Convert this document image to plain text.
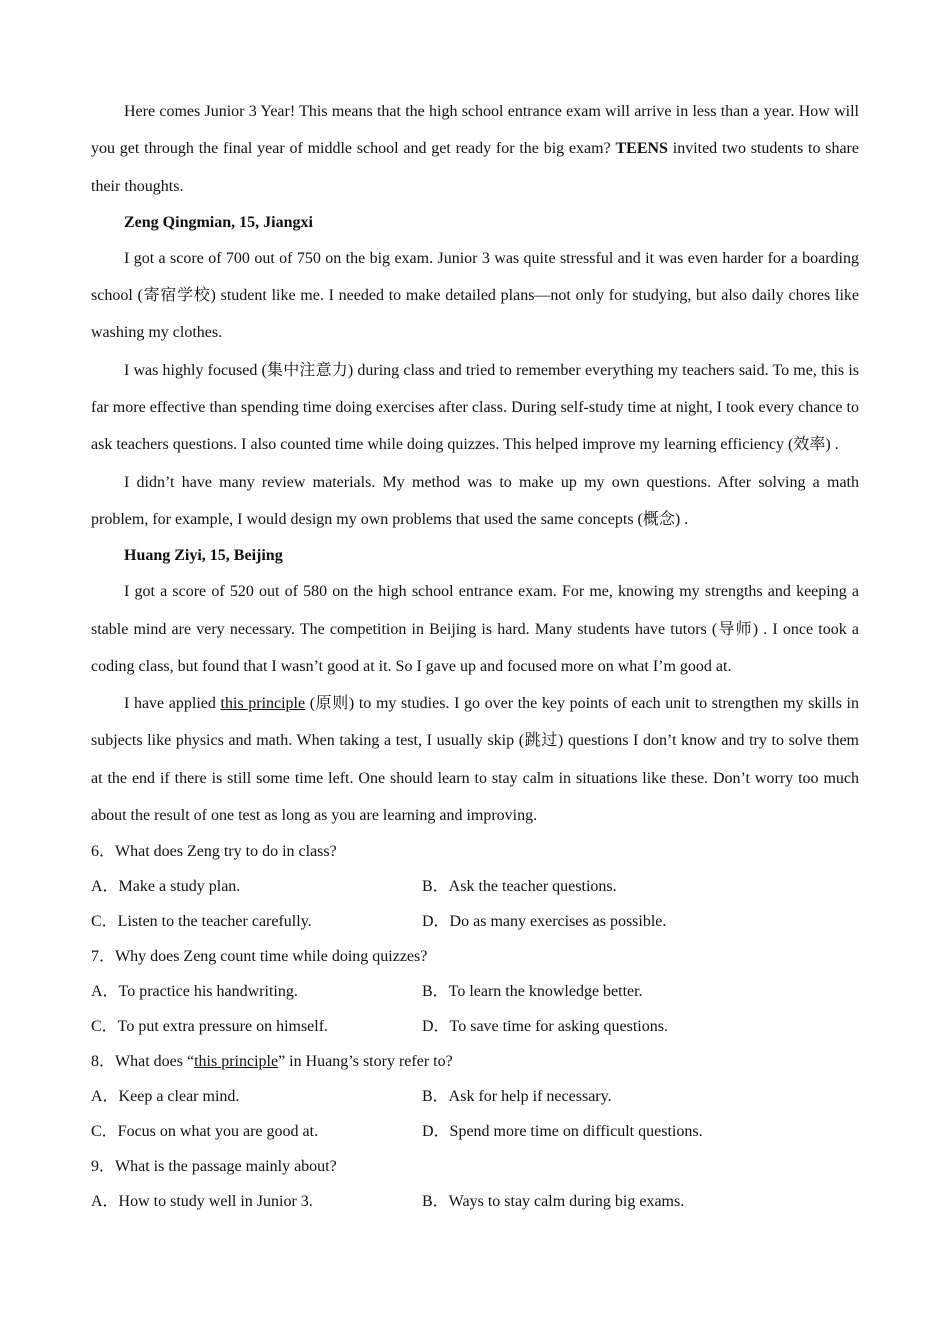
Here comes Junior 3 Year! This means that the high school entrance exam will arrive in less than a year. How will you get through the final year of middle school and get ready for the big exam? TEENS invited two students to share their thoughts.

Zeng Qingmian, 15, Jiangxi

I got a score of 700 out of 750 on the big exam. Junior 3 was quite stressful and it was even harder for a boarding school (寄宿学校) student like me. I needed to make detailed plans—not only for studying, but also daily chores like washing my clothes.

I was highly focused (集中注意力) during class and tried to remember everything my teachers said. To me, this is far more effective than spending time doing exercises after class. During self-study time at night, I took every chance to ask teachers questions. I also counted time while doing quizzes. This helped improve my learning efficiency (效率) .

I didn’t have many review materials. My method was to make up my own questions. After solving a math problem, for example, I would design my own problems that used the same concepts (概念) .

Huang Ziyi, 15, Beijing

I got a score of 520 out of 580 on the high school entrance exam. For me, knowing my strengths and keeping a stable mind are very necessary. The competition in Beijing is hard. Many students have tutors (导师) . I once took a coding class, but found that I wasn’t good at it. So I gave up and focused more on what I’m good at.

I have applied this principle (原则) to my studies. I go over the key points of each unit to strengthen my skills in subjects like physics and math. When taking a test, I usually skip (跳过) questions I don’t know and try to solve them at the end if there is still some time left. One should learn to stay calm in situations like these. Don’t worry too much about the result of one test as long as you are learning and improving.

6．What does Zeng try to do in class?

A．Make a study plan.	B．Ask the teacher questions.
C．Listen to the teacher carefully.	D．Do as many exercises as possible.

7．Why does Zeng count time while doing quizzes?

A．To practice his handwriting.	B．To learn the knowledge better.
C．To put extra pressure on himself.	D．To save time for asking questions.

8．What does “this principle” in Huang’s story refer to?

A．Keep a clear mind.	B．Ask for help if necessary.
C．Focus on what you are good at.	D．Spend more time on difficult questions.

9．What is the passage mainly about?

A．How to study well in Junior 3.	B．Ways to stay calm during big exams.
